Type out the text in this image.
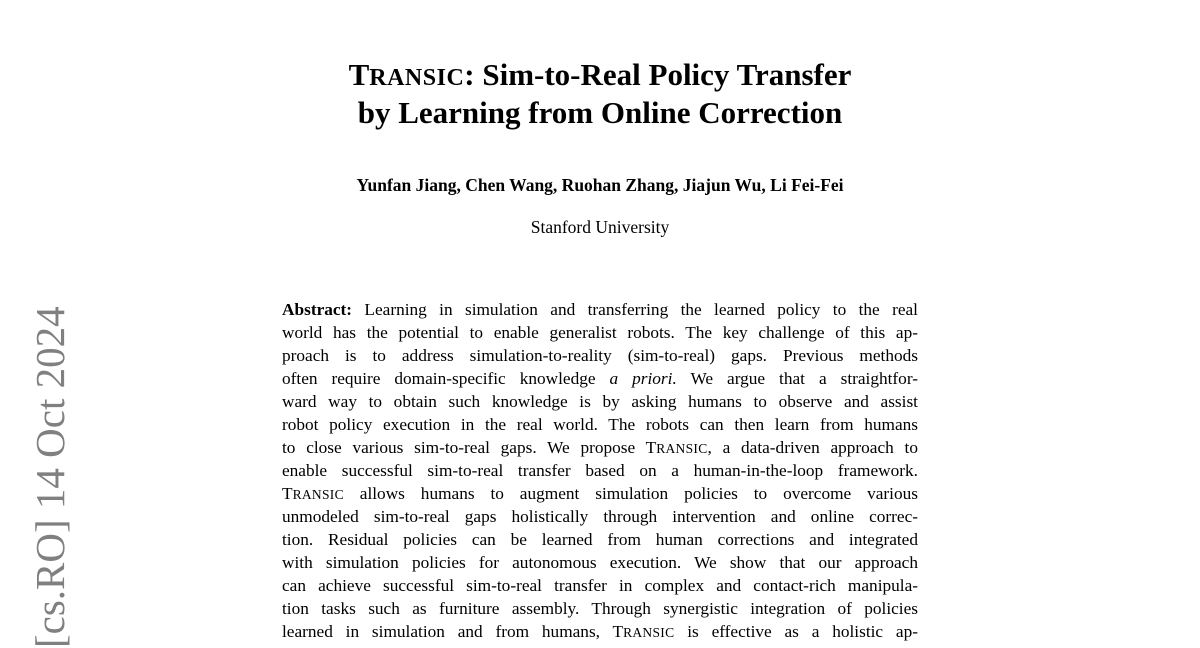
[cs.RO] 14 Oct 2024
TRANSIC: Sim-to-Real Policy Transfer
by Learning from Online Correction
Yunfan Jiang, Chen Wang, Ruohan Zhang, Jiajun Wu, Li Fei-Fei
Stanford University
Abstract: Learning in simulation and transferring the learned policy to the real
world has the potential to enable generalist robots. The key challenge of this ap-
proach is to address simulation-to-reality (sim-to-real) gaps. Previous methods
often require domain-specific knowledge a priori. We argue that a straightfor-
ward way to obtain such knowledge is by asking humans to observe and assist
robot policy execution in the real world. The robots can then learn from humans
to close various sim-to-real gaps. We propose TRANSIC, a data-driven approach to
enable successful sim-to-real transfer based on a human-in-the-loop framework.
TRANSIC allows humans to augment simulation policies to overcome various
unmodeled sim-to-real gaps holistically through intervention and online correc-
tion. Residual policies can be learned from human corrections and integrated
with simulation policies for autonomous execution. We show that our approach
can achieve successful sim-to-real transfer in complex and contact-rich manipula-
tion tasks such as furniture assembly. Through synergistic integration of policies
learned in simulation and from humans, TRANSIC is effective as a holistic ap-
